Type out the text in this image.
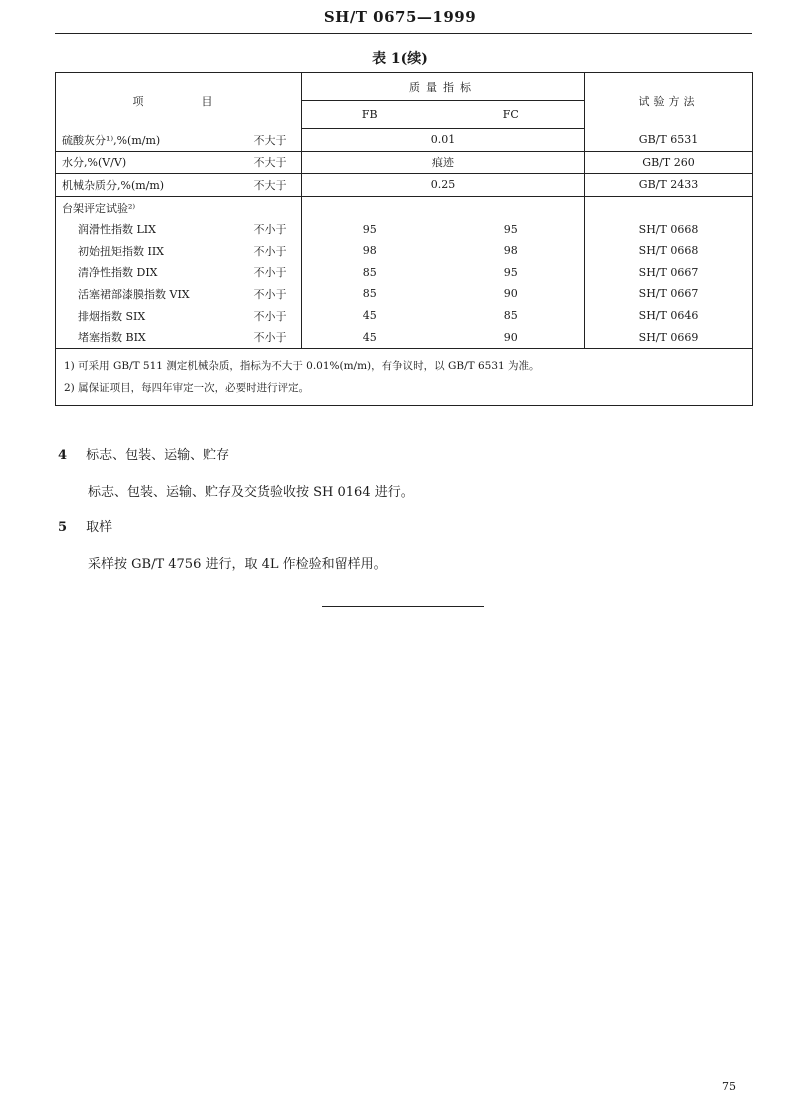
SH/T 0675—1999
表 1(续)
项　　目		质量指标		试验方法
		FB	FC	

硫酸灰分¹⁾,%(m/m)	不大于	0.01		GB/T 6531
水分,%(V/V)	不大于	痕迹		GB/T 260
机械杂质分,%(m/m)	不大于	0.25		GB/T 2433
台架评定试验²⁾				
润滑性指数 LIX	不小于	95	95	SH/T 0668
初始扭矩指数 IIX	不小于	98	98	SH/T 0668
清净性指数 DIX	不小于	85	95	SH/T 0667
活塞裙部漆膜指数 VIX	不小于	85	90	SH/T 0667
排烟指数 SIX	不小于	45	85	SH/T 0646
堵塞指数 BIX	不小于	45	90	SH/T 0669

1) 可采用 GB/T 511 测定机械杂质，指标为不大于 0.01%(m/m)，有争议时，以 GB/T 6531 为准。
2) 属保证项目，每四年审定一次，必要时进行评定。				
4 标志、包装、运输、贮存
标志、包装、运输、贮存及交货验收按 SH 0164 进行。
5 取样
采样按 GB/T 4756 进行，取 4L 作检验和留样用。
75
